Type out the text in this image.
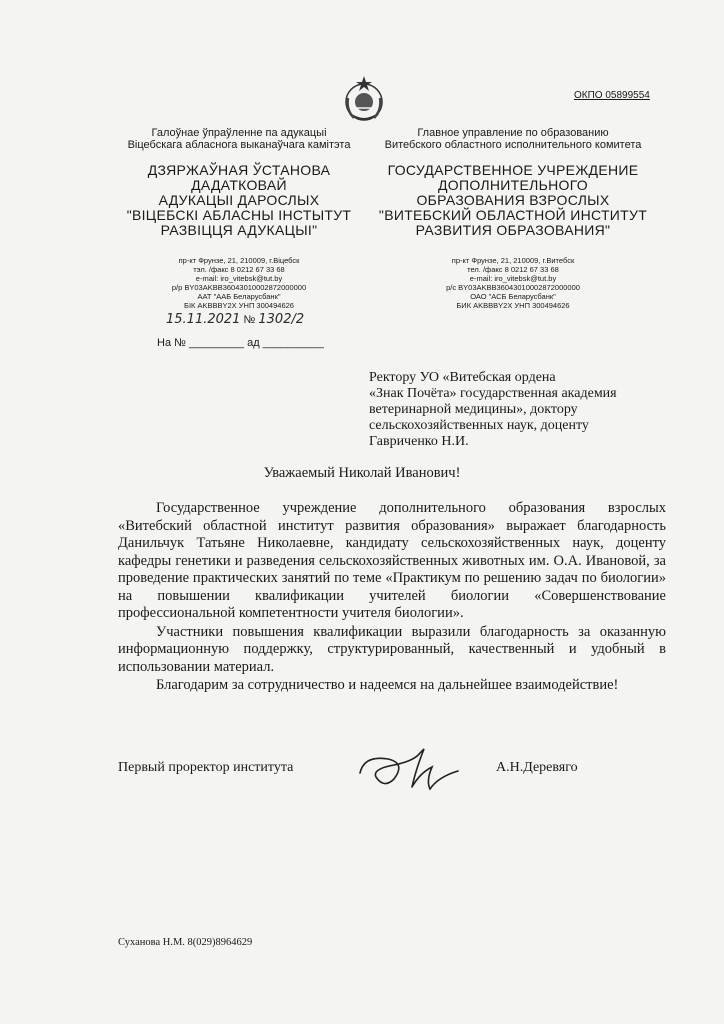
ОКПО 05899554
Галоўнае ўпраўленне па адукацыі
Віцебскага абласнога выканаўчага камітэта
ДЗЯРЖАЎНАЯ ЎСТАНОВА
ДАДАТКОВАЙ
АДУКАЦЫІ ДАРОСЛЫХ
"ВІЦЕБСКІ АБЛАСНЫ ІНСТЫТУТ
РАЗВІЦЦЯ АДУКАЦЫІ"
пр-кт Фрунзе, 21, 210009, г.Віцебск
тэл. /факс 8 0212 67 33 68
e-mail: iro_vitebsk@tut.by
р/р BY03AKBB36043010002872000000
ААТ "ААБ Беларусбанк"
БІК AKBBBY2X УНП 300494626
Главное управление по образованию
Витебского областного исполнительного комитета
ГОСУДАРСТВЕННОЕ УЧРЕЖДЕНИЕ
ДОПОЛНИТЕЛЬНОГО
ОБРАЗОВАНИЯ ВЗРОСЛЫХ
"ВИТЕБСКИЙ ОБЛАСТНОЙ ИНСТИТУТ
РАЗВИТИЯ ОБРАЗОВАНИЯ"
пр-кт Фрунзе, 21, 210009, г.Витебск
тел. /факс 8 0212 67 33 68
e-mail: iro_vitebsk@tut.by
р/с BY03AKBB36043010002872000000
ОАО "АСБ Беларусбанк"
БИК AKBBBY2X УНП 300494626
15.11.2021 № 1302/2
На № _________ ад __________
Ректору УО «Витебская ордена
«Знак Почёта» государственная академия
ветеринарной медицины», доктору
сельскохозяйственных наук, доценту
Гавриченко Н.И.
Уважаемый Николай Иванович!

Государственное учреждение дополнительного образования взрослых «Витебский областной институт развития образования» выражает благодарность Данильчук Татьяне Николаевне, кандидату сельскохозяйственных наук, доценту кафедры генетики и разведения сельскохозяйственных животных им. О.А. Ивановой, за проведение практических занятий по теме «Практикум по решению задач по биологии» на повышении квалификации учителей биологии «Совершенствование профессиональной компетентности учителя биологии».

Участники повышения квалификации выразили благодарность за оказанную информационную поддержку, структурированный, качественный и удобный в использовании материал.

Благодарим за сотрудничество и надеемся на дальнейшее взаимодействие!

Первый проректор института	А.Н.Деревяго
Суханова Н.М. 8(029)8964629
